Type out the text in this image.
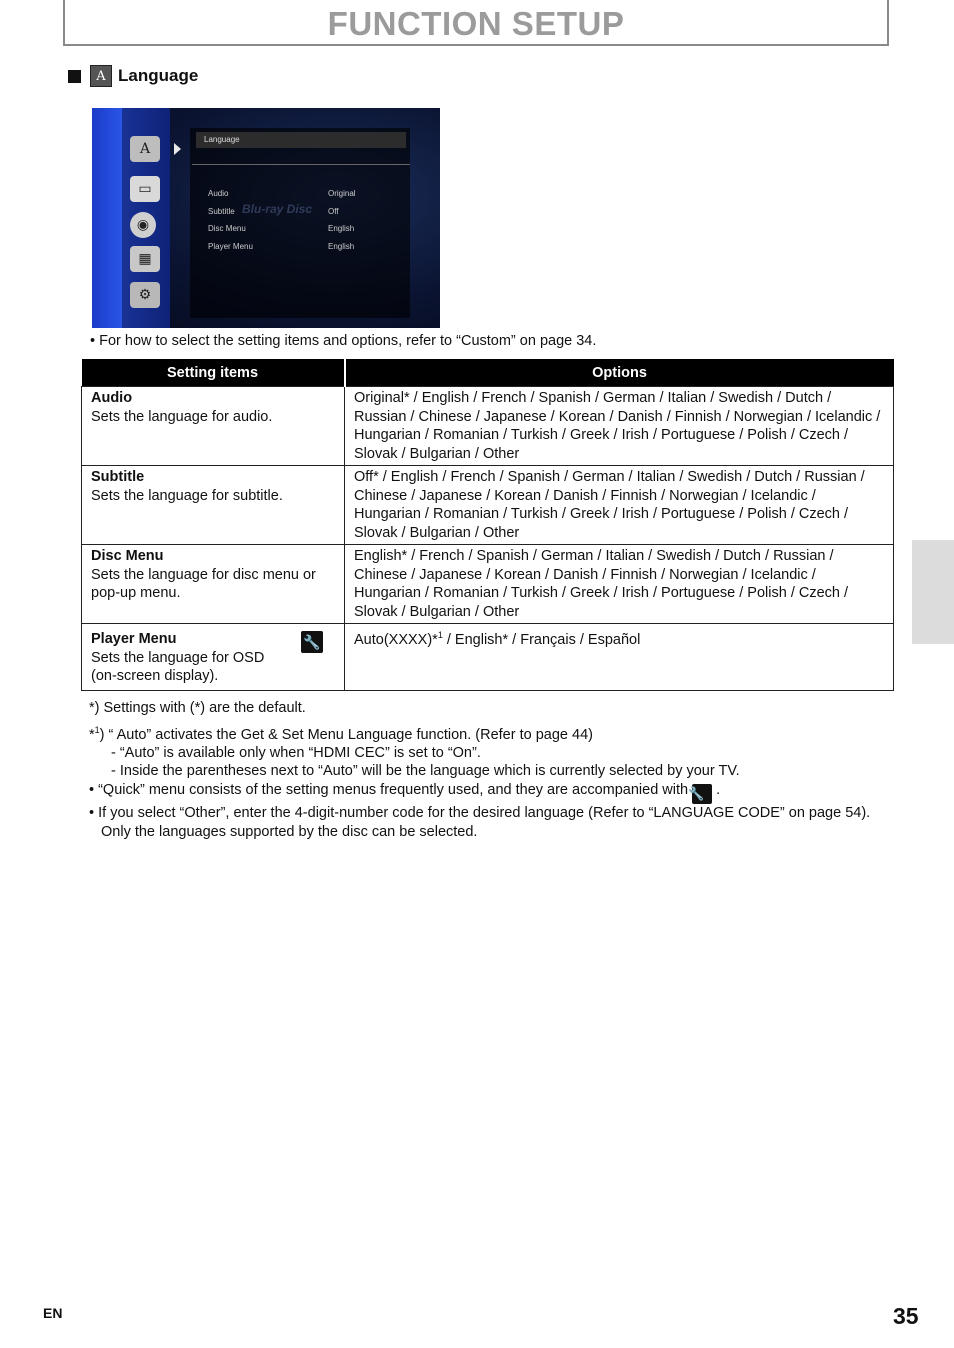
FUNCTION SETUP
A Language
A
▭
◉
▦
⚙
Language
Blu-ray Disc
Audio	Original
Subtitle	Off
Disc Menu	English
Player Menu	English
• For how to select the setting items and options, refer to “Custom” on page 34.
Setting items	Options

Audio
Sets the language for audio.	Original* / English / French / Spanish / German / Italian / Swedish / Dutch / Russian / Chinese / Japanese / Korean / Danish / Finnish / Norwegian / Icelandic / Hungarian / Romanian / Turkish / Greek / Irish / Portuguese / Polish / Czech / Slovak / Bulgarian / Other

Subtitle
Sets the language for subtitle.	Off* / English / French / Spanish / German / Italian / Swedish / Dutch / Russian / Chinese / Japanese / Korean / Danish / Finnish / Norwegian / Icelandic / Hungarian / Romanian / Turkish / Greek / Irish / Portuguese / Polish / Czech / Slovak / Bulgarian / Other

Disc Menu
Sets the language for disc menu or pop-up menu.	English* / French / Spanish / German / Italian / Swedish / Dutch / Russian / Chinese / Japanese / Korean / Danish / Finnish / Norwegian / Icelandic / Hungarian / Romanian / Turkish / Greek / Irish / Portuguese / Polish / Czech / Slovak / Bulgarian / Other

Player Menu
Sets the language for OSD (on-screen display).
🔧	Auto(XXXX)*$^1$ / English* / Français / Español
*) Settings with (*) are the default.
*$^1$) “ Auto” activates the Get & Set Menu Language function. (Refer to page 44)
- “Auto” is available only when “HDMI CEC” is set to “On”.
- Inside the parentheses next to “Auto” will be the language which is currently selected by your TV.
• “Quick” menu consists of the setting menus frequently used, and they are accompanied with 🔧 .
• If you select “Other”, enter the 4-digit-number code for the desired language (Refer to “LANGUAGE CODE” on page 54). Only the languages supported by the disc can be selected.
EN	35
